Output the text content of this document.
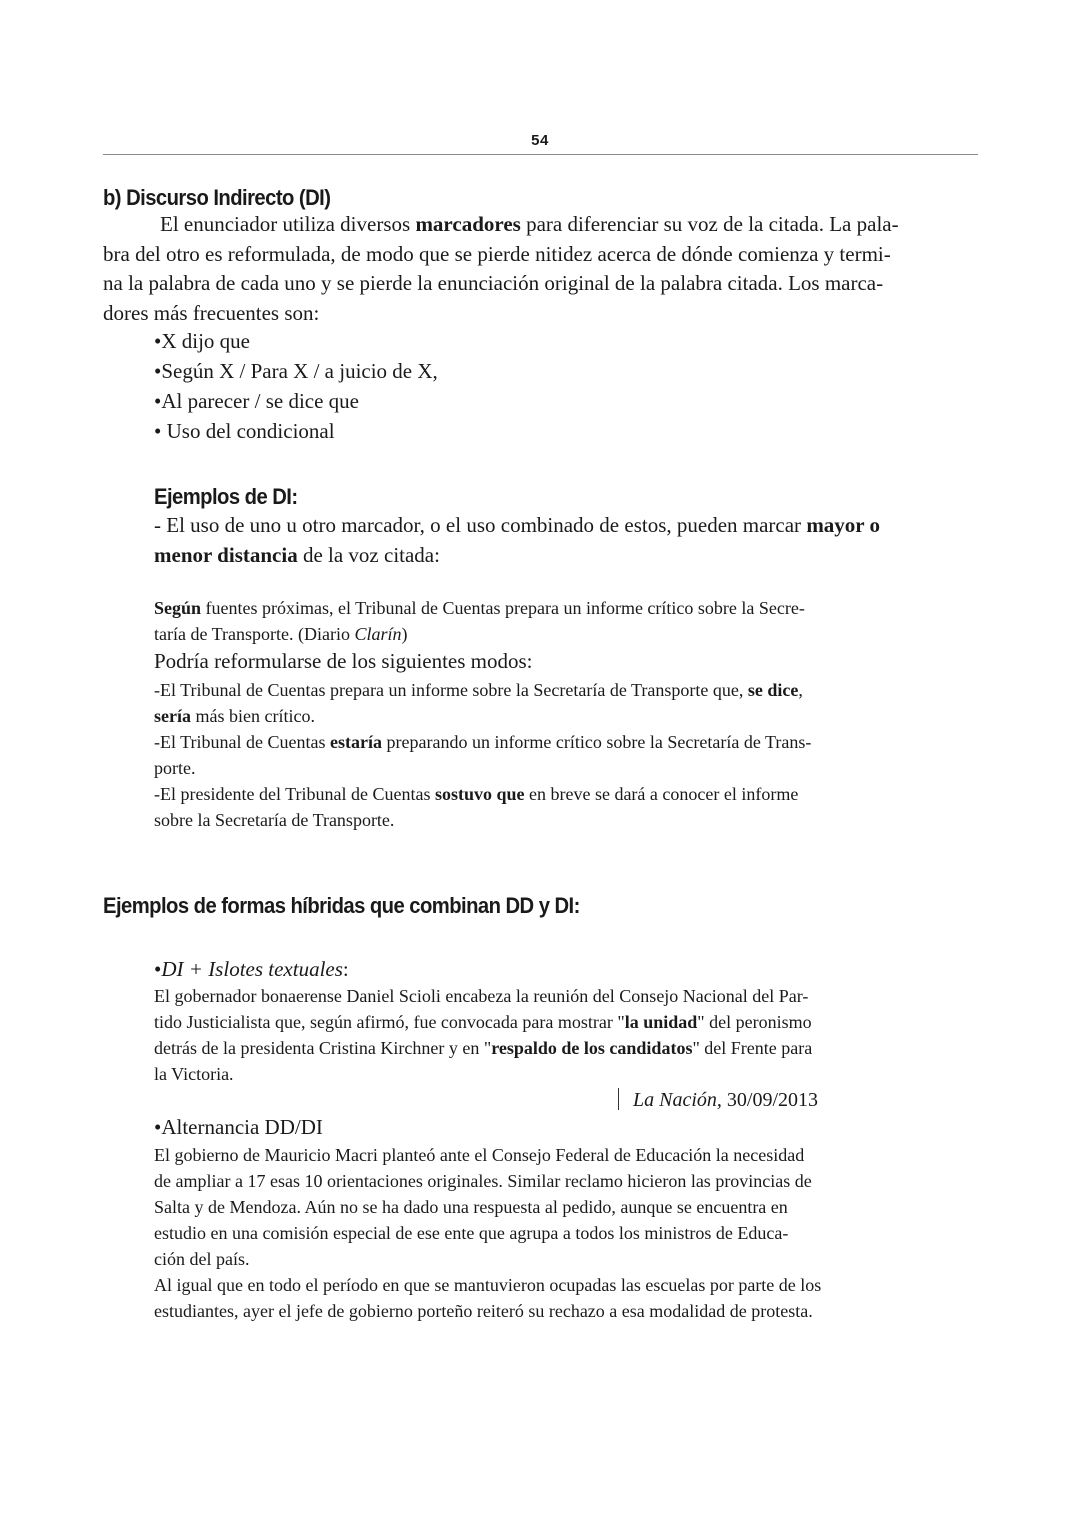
54
b) Discurso Indirecto (DI)
El enunciador utiliza diversos marcadores para diferenciar su voz de la citada. La pala-
bra del otro es reformulada, de modo que se pierde nitidez acerca de dónde comienza y termi-
na la palabra de cada uno y se pierde la enunciación original de la palabra citada. Los marca-
dores más frecuentes son:
•X dijo que
•Según X / Para X / a juicio de X,
•Al parecer / se dice que
• Uso del condicional
Ejemplos de DI:
- El uso de uno u otro marcador, o el uso combinado de estos, pueden marcar mayor o
menor distancia de la voz citada:
Según fuentes próximas, el Tribunal de Cuentas prepara un informe crítico sobre la Secre-
taría de Transporte. (Diario Clarín)
Podría reformularse de los siguientes modos:
-El Tribunal de Cuentas prepara un informe sobre la Secretaría de Transporte que, se dice,
sería más bien crítico.
-El Tribunal de Cuentas estaría preparando un informe crítico sobre la Secretaría de Trans-
porte.
-El presidente del Tribunal de Cuentas sostuvo que en breve se dará a conocer el informe
sobre la Secretaría de Transporte.
Ejemplos de formas híbridas que combinan DD y DI:
•DI + Islotes textuales:
El gobernador bonaerense Daniel Scioli encabeza la reunión del Consejo Nacional del Par-
tido Justicialista que, según afirmó, fue convocada para mostrar "la unidad" del peronismo
detrás de la presidenta Cristina Kirchner y en "respaldo de los candidatos" del Frente para
la Victoria.
La Nación, 30/09/2013
•Alternancia DD/DI
El gobierno de Mauricio Macri planteó ante el Consejo Federal de Educación la necesidad
de ampliar a 17 esas 10 orientaciones originales. Similar reclamo hicieron las provincias de
Salta y de Mendoza. Aún no se ha dado una respuesta al pedido, aunque se encuentra en
estudio en una comisión especial de ese ente que agrupa a todos los ministros de Educa-
ción del país.
Al igual que en todo el período en que se mantuvieron ocupadas las escuelas por parte de los
estudiantes, ayer el jefe de gobierno porteño reiteró su rechazo a esa modalidad de protesta.
